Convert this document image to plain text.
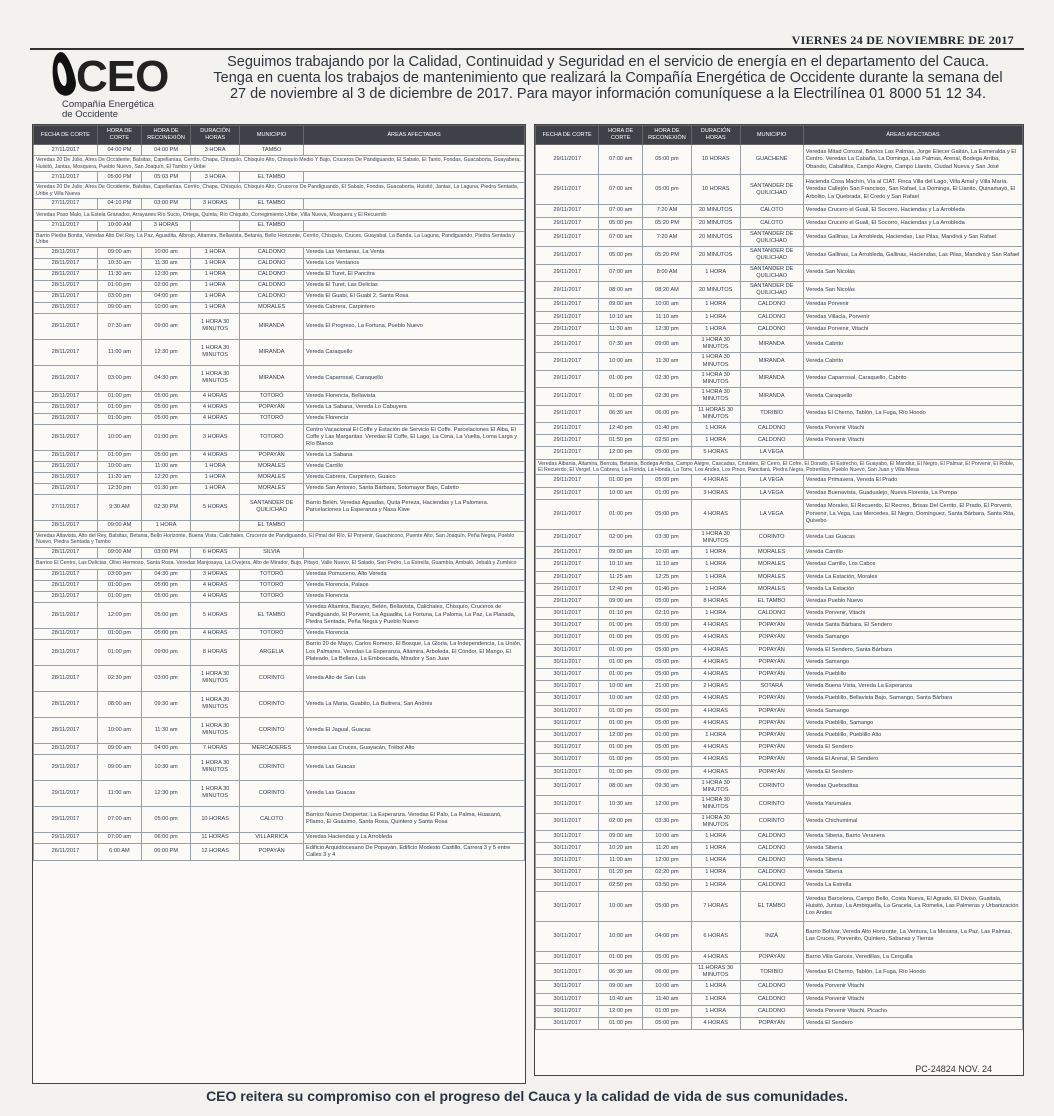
VIERNES 24 DE NOVIEMBRE DE 2017
CEO
Compañía Energética
de Occidente
Seguimos trabajando por la Calidad, Continuidad y Seguridad en el servicio de energía en el departamento del Cauca. Tenga en cuenta los trabajos de mantenimiento que realizará la Compañía Energética de Occidente durante la semana del 27 de noviembre al 3 de diciembre de 2017. Para mayor información comuníquese a la Electrilínea 01 8000 51 12 34.
FECHA DE CORTE	HORA DE CORTE	HORA DE RECONEXIÓN	DURACIÓN HORAS	MUNICIPIO	ÁREAS AFECTADAS
27/11/2017	04:00 PM	04:00 PM	3 HORA	TAMBO	
Veredas 20 De Julio, Alres De Occidente, Balsitas, Capellanías, Cerrito, Chapa, Chisquío, Chisquío Alto, Chisquío Medio Y Bajo, Cruceros De Pandiguando, El Sabalo, El Tanto, Fondas, Guacaborta, Guayabera, Huisitó, Jantas, Mosquera, Pueblo Nuevo, San Joaquín, El Tambo y Uribe					
27/11/2017	05:00 PM	05:03 PM	3 HORA	EL TAMBO	
Veredas 20 De Julio, Alres De Occidente, Balsitas, Capellanías, Cerrito, Chapa, Chisquío, Chisquío Alto, Cruceros De Pandiguando, El Sabalo, Fondas, Guacaborta, Huisitó, Jantas, La Laguna, Piedra Sentada, Uribe y Villa Nueva					
27/11/2017	04:10 PM	03:00 PM	3 HORAS	EL TAMBO	
Veredas Paso Malo, La Estela Granados, Arrayanes Río Sucio, Ortega, Quinta, Río Chiquito, Corregimiento Uribe, Villa Nueva, Mosquera y El Recuerdo					
27/11/2017	10:00 AM	3 HORAS		EL TAMBO	
Barrio Piedra Bonita, Veredas Alto Del Rey, La Paz, Aguadita, Albrojo, Altamira, Bellavista, Betania, Bello Horizonte, Cerrito, Chisquío, Cruces, Guayabal, La Banda, La Laguna, Pandiguando, Piedra Sentada y Uribe					
28/11/2017	09:00 am	10:00 am	1 HORA	CALDONO	Vereda Las Ventanas, La Venta
28/11/2017	10:30 am	11:30 am	1 HORA	CALDONO	Vereda Los Ventanos
28/11/2017	11:30 am	12:30 pm	1 HORA	CALDONO	Vereda El Turet, El Pancitra
28/11/2017	01:00 pm	02:00 pm	1 HORA	CALDONO	Vereda El Turet, Las Delicias
28/11/2017	03:00 pm	04:00 pm	1 HORA	CALDONO	Vereda El Guabi, El Guabi 2, Santa Rosa
28/11/2017	09:00 am	10:00 am	1 HORA	MORALES	Vereda Cabrera, Carpintero
28/11/2017	07:30 am	09:00 am	1 HORA 30 MINUTOS	MIRANDA	Vereda El Progreso, La Fortuna, Pueblo Nuevo
28/11/2017	11:00 am	12:30 pm	1 HORA 30 MINUTOS	MIRANDA	Vereda Caraquello
28/11/2017	03:00 pm	04:30 pm	1 HORA 30 MINUTOS	MIRANDA	Vereda Caparrosal, Caraquello
28/11/2017	01:00 pm	05:00 pm	4 HORAS	TOTORÓ	Vereda Florencia, Bellavista
28/11/2017	01:00 pm	05:00 pm	4 HORAS	POPAYÁN	Vereda La Sabana, Vereda Lo Cabuyera
28/11/2017	01:00 pm	05:00 pm	4 HORAS	TOTORÓ	Vereda Florencia
28/11/2017	10:00 am	01:00 pm	3 HORAS	TOTORÓ	Centro Vacacional El Coffe y Estación de Servicio El Coffe. Parcelaciones El Alba, El Coffe y Las Margaritas. Veredas El Coffe, El Lago, La Cima, La Vuelta, Loma Larga y Río Blanco
28/11/2017	01:00 pm	05:00 pm	4 HORAS	POPAYÁN	Vereda La Sabana
28/11/2017	10:00 am	11:00 am	1 HORA	MORALES	Vereda Carrillo
28/11/2017	11:20 am	12:20 pm	1 HORA	MORALES	Vereda Cabrera, Carpintero, Guaico
28/11/2017	12:30 pm	01:30 pm	1 HORA	MORALES	Vereda San Antonio, Santa Bárbara, Sotomayor Bajo, Cabrito
27/11/2017	9:30 AM	02:30 PM	5 HORAS	SANTANDER DE QUILICHAO	Barrio Belén. Veredas Aguadas, Quita Pereza, Haciendas y La Palomera. Parcelaciones La Esperanza y Nasa Kiwe
28/11/2017	09:00 AM	1 HORA		EL TAMBO	
Veredas Altavista, Alto del Rey, Balsitas, Betania, Bello Horizonte, Buena Vista, Calichales, Cruceros de Pandiguando, El Pinal del Río, El Porvenir, Guachicono, Puente Alto, San Joaquín, Peña Negra, Pueblo Nuevo, Piedra Sentada y Tambo					
28/11/2017	09:00 AM	03:00 PM	6 HORAS	SILVIA	
Barrios El Centro, Las Delicias, Olivo Hermoso, Santa Rosa. Veredas Manjosaya, La Ovejera, Alto de Mirador, Bujo, Pitayo, Valle Nuevo, El Salado, San Pedro, La Estrella, Guambía, Ambaló, Jebalá y Zumbico					
28/11/2017	03:00 pm	04:30 pm	3 HORAS	TOTORÓ	Veredas Pomuceno, Alto Vereda
28/11/2017	01:00 pm	05:00 pm	4 HORAS	TOTORÓ	Vereda Florencia, Palace
28/11/2017	01:00 pm	05:00 pm	4 HORAS	TOTORÓ	Vereda Florencia
28/11/2017	12:00 pm	05:00 pm	5 HORAS	EL TAMBO	Veredas Altamira, Barayo, Belén, Bellavista, Calichales, Chisquío, Cruceros de Pandiguando, El Porvenir, La Aguadita, La Fortuna, La Paloma, La Paz, La Planada, Piedra Sentada, Peña Negra y Pueblo Nuevo
28/11/2017	01:00 pm	05:00 pm	4 HORAS	TOTORÓ	Vereda Florencia
28/11/2017	01:00 pm	09:00 pm	8 HORAS	ARGELIA	Barrio 20 de Mayo, Carlos Romero, El Bosque, La Gloria, La Independencia, La Unión, Los Palmares. Veredas La Esperanza, Altamira, Arboleda, El Cóndor, El Mango, El Plateado, La Belleza, La Emboscada, Mirador y San Juan
28/11/2017	02:30 pm	03:00 pm	1 HORA 30 MINUTOS	CORINTO	Vereda Alto de San Luis
28/11/2017	08:00 am	09:30 am	1 HORA 30 MINUTOS	CORINTO	Vereda La Maria, Guabito, La Buitrera, San Andrés
28/11/2017	10:00 am	11:30 am	1 HORA 30 MINUTOS	CORINTO	Vereda El Jagual, Guacas
28/11/2017	09:00 am	04:00 pm	7 HORAS	MERCADERES	Veredas Las Cruces, Guayacán, Trébol Alto
29/11/2017	09:00 am	10:30 am	1 HORA 30 MINUTOS	CORINTO	Vereda Las Guacas
29/11/2017	11:00 am	12:30 pm	1 HORA 30 MINUTOS	CORINTO	Vereda Las Guacas
29/11/2017	07:00 am	05:00 pm	10 HORAS	CALOTO	Barrios Nuevo Despertar, La Esperanza. Veredas El Palo, La Palma, Huasanó, Pílamo, El Guásimo, Santa Rosa, Quintero y Santa Rosa
29/11/2017	07:00 am	06:00 pm	11 HORAS	VILLARRICA	Veredas Haciendas y La Arrobleda
26/11/2017	6:00 AM	06:00 PM	12 HORAS	POPAYÁN	Edificio Arquidiocesano De Popayán, Edificio Modesto Castillo, Carrera 3 y 5 entre Calles 3 y 4
FECHA DE CORTE	HORA DE CORTE	HORA DE RECONEXIÓN	DURACIÓN HORAS	MUNICIPIO	ÁREAS AFECTADAS
29/11/2017	07:00 am	05:00 pm	10 HORAS	GUACHENÉ	Veredas Mitad Corozal, Barrios Las Palmas, Jorge Eliecer Gaitán, La Esmeralda y El Centro. Veredas La Cabaña, La Dominga, Las Palmas, Arenal, Bodega Arriba, Obando, Caballitos, Campo Alegre, Campo Llanito, Ciudad Nueva y San José
29/11/2017	07:00 am	05:00 pm	10 HORAS	SANTANDER DE QUILICHAO	Hacienda Cosa Machín, Vía al CIAT. Finca Villa del Lago, Villa Amal y Villa María. Veredas Callejón San Francisco, San Rafael, La Dominga, El Llanito, Quinamayó, El Arbolito, La Quebrada, El Credo y San Rafael
29/11/2017	07:00 am	7:20 AM	20 MINUTOS	CALOTO	Veredas Crucero el Guali, El Socorro, Haciendas y La Arrobleda
29/11/2017	05:00 pm	05:20 PM	20 MINUTOS	CALOTO	Veredas Crucero el Guali, El Socorro, Haciendas y La Arrobleda
29/11/2017	07:00 am	7:20 AM	20 MINUTOS	SANTANDER DE QUILICHAO	Veredas Gallinas, La Arrobleda, Haciendas, Las Pilas, Mandivá y San Rafael
29/11/2017	05:00 pm	05:20 PM	20 MINUTOS	SANTANDER DE QUILICHAO	Veredas Gallinas, La Arrobleda, Gallinas, Haciendas, Las Pilas, Mandivá y San Rafael
29/11/2017	07:00 am	8:00 AM	1 HORA	SANTANDER DE QUILICHAO	Vereda San Nicolás
29/11/2017	08:00 am	08:20 AM	20 MINUTOS	SANTANDER DE QUILICHAO	Vereda San Nicolás
29/11/2017	09:00 am	10:00 am	1 HORA	CALDONO	Veredas Porvenir
29/11/2017	10:10 am	11:10 am	1 HORA	CALDONO	Veredas Villacla, Porvenir
29/11/2017	11:30 am	12:30 pm	1 HORA	CALDONO	Veredas Porvenir, Vitachi
29/11/2017	07:30 am	09:00 am	1 HORA 30 MINUTOS	MIRANDA	Vereda Cabrito
29/11/2017	10:00 am	11:30 am	1 HORA 30 MINUTOS	MIRANDA	Vereda Cabrito
29/11/2017	01:00 pm	02:30 pm	1 HORA 30 MINUTOS	MIRANDA	Veredas Caparrosal, Caraquello, Cabrito
29/11/2017	01:00 pm	02:30 pm	1 HORA 30 MINUTOS	MIRANDA	Vereda Caraquello
29/11/2017	06:30 am	06:00 pm	11 HORAS 30 MINUTOS	TORIBÍO	Veredas El Cherno, Tablón, La Fuga, Río Hondo
29/11/2017	12:40 pm	01:40 pm	1 HORA	CALDONO	Vereda Porvenir Vitachi
29/11/2017	01:50 pm	02:50 pm	1 HORA	CALDONO	Vereda Porvenir Vitachi
29/11/2017	12:00 pm	05:00 pm	5 HORAS	LA VEGA	
Veredas Albania, Altamira, Berruta, Betania, Bodega Arriba, Campo Alegre, Cascadas, Cristales, El Cerro, El Cofre, El Dorado, El Estrecho, El Guayabo, El Mandiur, El Negro, El Palmar, El Porvenir, El Roble, El Recuerdo, El Vergel, La Cabrera, La Florida, La Honda, La Torre, Los Andes, Los Pinos, Pancitará, Piedra Negra, Potrerillos, Pueblo Nuevo, San Juan y Villa Mesa					
29/11/2017	01:00 pm	05:00 pm	4 HORAS	LA VEGA	Veredas Primavera, Vereda El Prado
29/11/2017	10:00 am	01:00 pm	3 HORAS	LA VEGA	Veredas Buenavista, Guadualejo, Nueva Floresta, La Pompa
29/11/2017	01:00 pm	05:00 pm	4 HORAS	LA VEGA	Veredas Morales, El Recuerdo, El Recreo, Brisas Del Cerrito, El Prado, El Porvenir, Porvenir, La Vega, Las Mercedes, El Negro, Domínguez, Santa Bárbara, Santa Rita, Quivebo
29/11/2017	02:00 pm	03:30 pm	1 HORA 30 MINUTOS	CORINTO	Vereda Las Guacas
29/11/2017	09:00 am	10:00 am	1 HORA	MORALES	Vereda Carrillo
29/11/2017	10:10 am	11:10 am	1 HORA	MORALES	Veredas Carrillo, Los Cabos
29/11/2017	11:25 am	12:25 pm	1 HORA	MORALES	Vereda La Estación, Morales
29/11/2017	12:40 pm	01:40 pm	1 HORA	MORALES	Vereda La Estación
29/11/2017	09:00 am	05:00 pm	8 HORAS	EL TAMBO	Veredas Pueblo Nuevo
30/11/2017	01:10 pm	02:10 pm	1 HORA	CALDONO	Vereda Porvenir, Vitachi
30/11/2017	01:00 pm	05:00 pm	4 HORAS	POPAYÁN	Vereda Santa Bárbara, El Sendero
30/11/2017	01:00 pm	05:00 pm	4 HORAS	POPAYÁN	Vereda Samango
30/11/2017	01:00 pm	05:00 pm	4 HORAS	POPAYÁN	Vereda El Sendero, Santa Bárbara
30/11/2017	01:00 pm	05:00 pm	4 HORAS	POPAYÁN	Vereda Samango
30/11/2017	01:00 pm	05:00 pm	4 HORAS	POPAYÁN	Vereda Pueblillo
30/11/2017	10:00 am	21:00 pm	2 HORAS	SOTARÁ	Vereda Buena Vista, Vereda La Esperanza
30/11/2017	10:00 am	02:00 pm	4 HORAS	POPAYÁN	Vereda Pueblillo, Bellavista Bajo, Samango, Santa Bárbara
30/11/2017	01:00 pm	05:00 pm	4 HORAS	POPAYÁN	Vereda Samango
30/11/2017	01:00 pm	05:00 pm	4 HORAS	POPAYÁN	Vereda Pueblillo, Samango
30/11/2017	12:00 pm	01:00 pm	1 HORA	POPAYÁN	Vereda Pueblillo, Pueblillo Alto
30/11/2017	01:00 pm	05:00 pm	4 HORAS	POPAYÁN	Vereda El Sendero
30/11/2017	01:00 pm	05:00 pm	4 HORAS	POPAYÁN	Vereda El Arenal, El Sendero
30/11/2017	01:00 pm	05:00 pm	4 HORAS	POPAYÁN	Vereda El Sendero
30/11/2017	08:00 am	09:30 am	1 HORA 30 MINUTOS	CORINTO	Veredas Quebraditas
30/11/2017	10:30 am	12:00 pm	1 HORA 30 MINUTOS	CORINTO	Vereda Yarumales
30/11/2017	02:00 pm	03:30 pm	1 HORA 30 MINUTOS	CORINTO	Vereda Chichumimal
30/11/2017	09:00 am	10:00 am	1 HORA	CALDONO	Vereda Siberia, Barrio Veranera
30/11/2017	10:20 am	11:20 am	1 HORA	CALDONO	Vereda Siberia
30/11/2017	11:00 am	12:00 pm	1 HORA	CALDONO	Vereda Siberia
30/11/2017	01:20 pm	02:20 pm	1 HORA	CALDONO	Vereda Siberia
30/11/2017	02:50 pm	03:50 pm	1 HORA	CALDONO	Vereda La Estrella
30/11/2017	10:00 am	05:00 pm	7 HORAS	EL TAMBO	Veredas Barcelona, Campo Bello, Costa Nueva, El Agrado, El Diviso, Guaitala, Huisitó, Juntas, La Ambiquella, La Gracela, La Romelia, Las Palmeras y Urbanización Los Andes
30/11/2017	10:00 am	04:00 pm	6 HORAS	INZÁ	Barrio Bolívar, Vereda Alto Horizonte, La Ventura, La Mesana, La Paz, Las Palmas, Las Cruces, Porvenito, Quintero, Sabanas y Tierras
30/11/2017	01:00 pm	05:00 pm	4 HORAS	POPAYÁN	Barrio Villa Garcés, Veredillas, La Cerquilla
30/11/2017	06:30 am	06:00 pm	11 HORAS 30 MINUTOS	TORIBÍO	Veredas El Cherno, Tablón, La Fuga, Río Hondo
30/11/2017	09:00 am	10:00 am	1 HORA	CALDONO	Vereda Porvenir Vitachi
30/11/2017	10:40 am	11:40 am	1 HORA	CALDONO	Vereda Porvenir Vitachi
30/11/2017	12:00 pm	01:00 pm	1 HORA	CALDONO	Vereda Porvenir Vitachi, Picacho
30/11/2017	01:00 pm	05:00 pm	4 HORAS	POPAYÁN	Vereda El Sendero
PC-24824 NOV. 24
CEO reitera su compromiso con el progreso del Cauca y la calidad de vida de sus comunidades.
